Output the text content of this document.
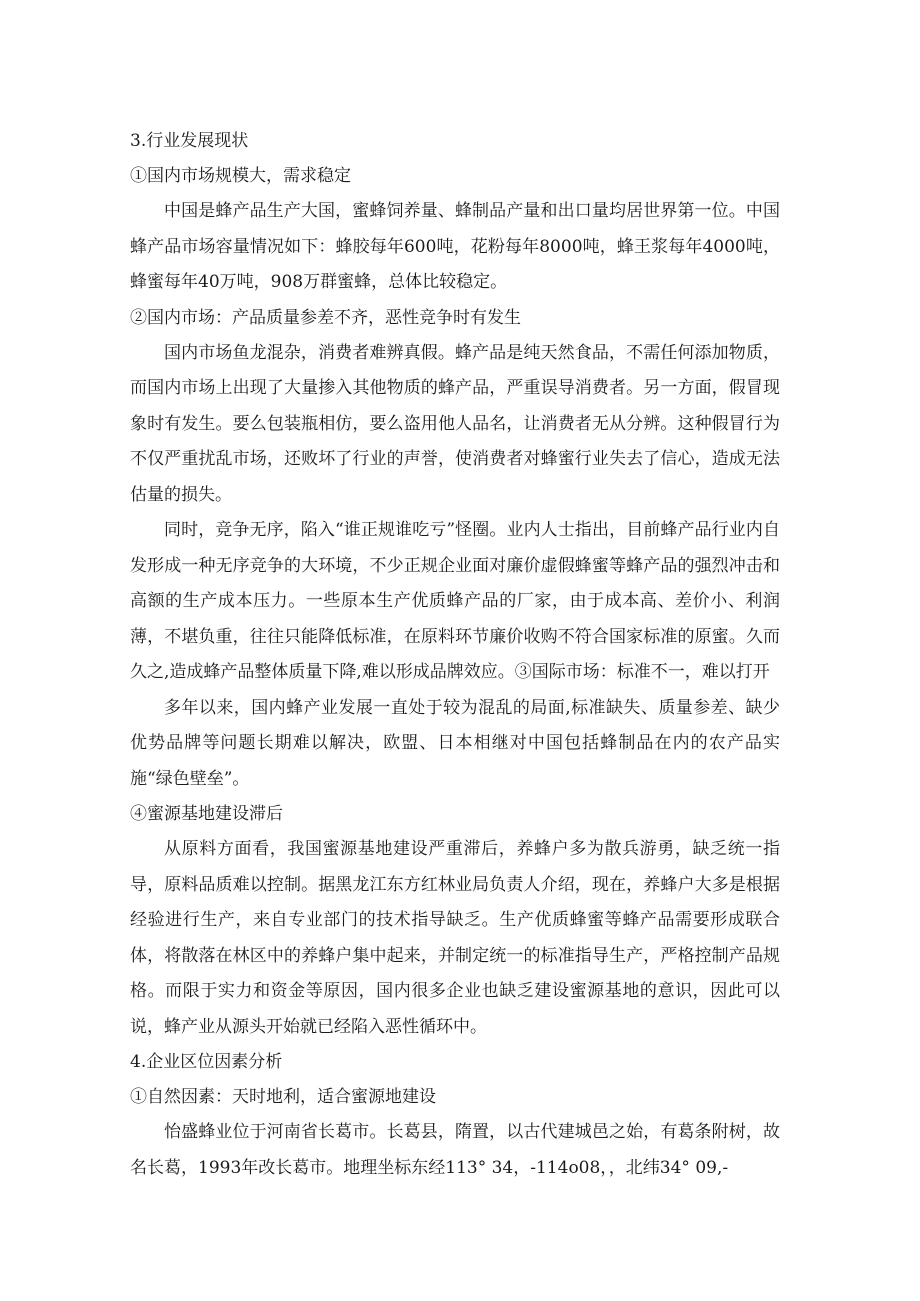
3.行业发展现状

①国内市场规模大，需求稳定

中国是蜂产品生产大国，蜜蜂饲养量、蜂制品产量和出口量均居世界第一位。中国蜂产品市场容量情况如下：蜂胶每年600吨，花粉每年8000吨，蜂王浆每年4000吨，蜂蜜每年40万吨，908万群蜜蜂，总体比较稳定。

②国内市场：产品质量参差不齐，恶性竞争时有发生

国内市场鱼龙混杂，消费者难辨真假。蜂产品是纯天然食品，不需任何添加物质，而国内市场上出现了大量掺入其他物质的蜂产品，严重误导消费者。另一方面，假冒现象时有发生。要么包装瓶相仿，要么盗用他人品名，让消费者无从分辨。这种假冒行为不仅严重扰乱市场，还败坏了行业的声誉，使消费者对蜂蜜行业失去了信心，造成无法估量的损失。

同时，竞争无序，陷入“谁正规谁吃亏”怪圈。业内人士指出，目前蜂产品行业内自发形成一种无序竞争的大环境，不少正规企业面对廉价虚假蜂蜜等蜂产品的强烈冲击和高额的生产成本压力。一些原本生产优质蜂产品的厂家，由于成本高、差价小、利润薄，不堪负重，往往只能降低标准，在原料环节廉价收购不符合国家标准的原蜜。久而久之,造成蜂产品整体质量下降,难以形成品牌效应。③国际市场：标准不一，难以打开

多年以来，国内蜂产业发展一直处于较为混乱的局面,标准缺失、质量参差、缺少优势品牌等问题长期难以解决，欧盟、日本相继对中国包括蜂制品在内的农产品实施“绿色壁垒”。

④蜜源基地建设滞后

从原料方面看，我国蜜源基地建设严重滞后，养蜂户多为散兵游勇，缺乏统一指导，原料品质难以控制。据黑龙江东方红林业局负责人介绍，现在，养蜂户大多是根据经验进行生产，来自专业部门的技术指导缺乏。生产优质蜂蜜等蜂产品需要形成联合体，将散落在林区中的养蜂户集中起来，并制定统一的标准指导生产，严格控制产品规格。而限于实力和资金等原因，国内很多企业也缺乏建设蜜源基地的意识，因此可以说，蜂产业从源头开始就已经陷入恶性循环中。

4.企业区位因素分析

①自然因素：天时地利，适合蜜源地建设

怡盛蜂业位于河南省长葛市。长葛县，隋置，以古代建城邑之始，有葛条附树，故名长葛，1993年改长葛市。地理坐标东经113° 34，-114o08，，北纬34° 09,-
